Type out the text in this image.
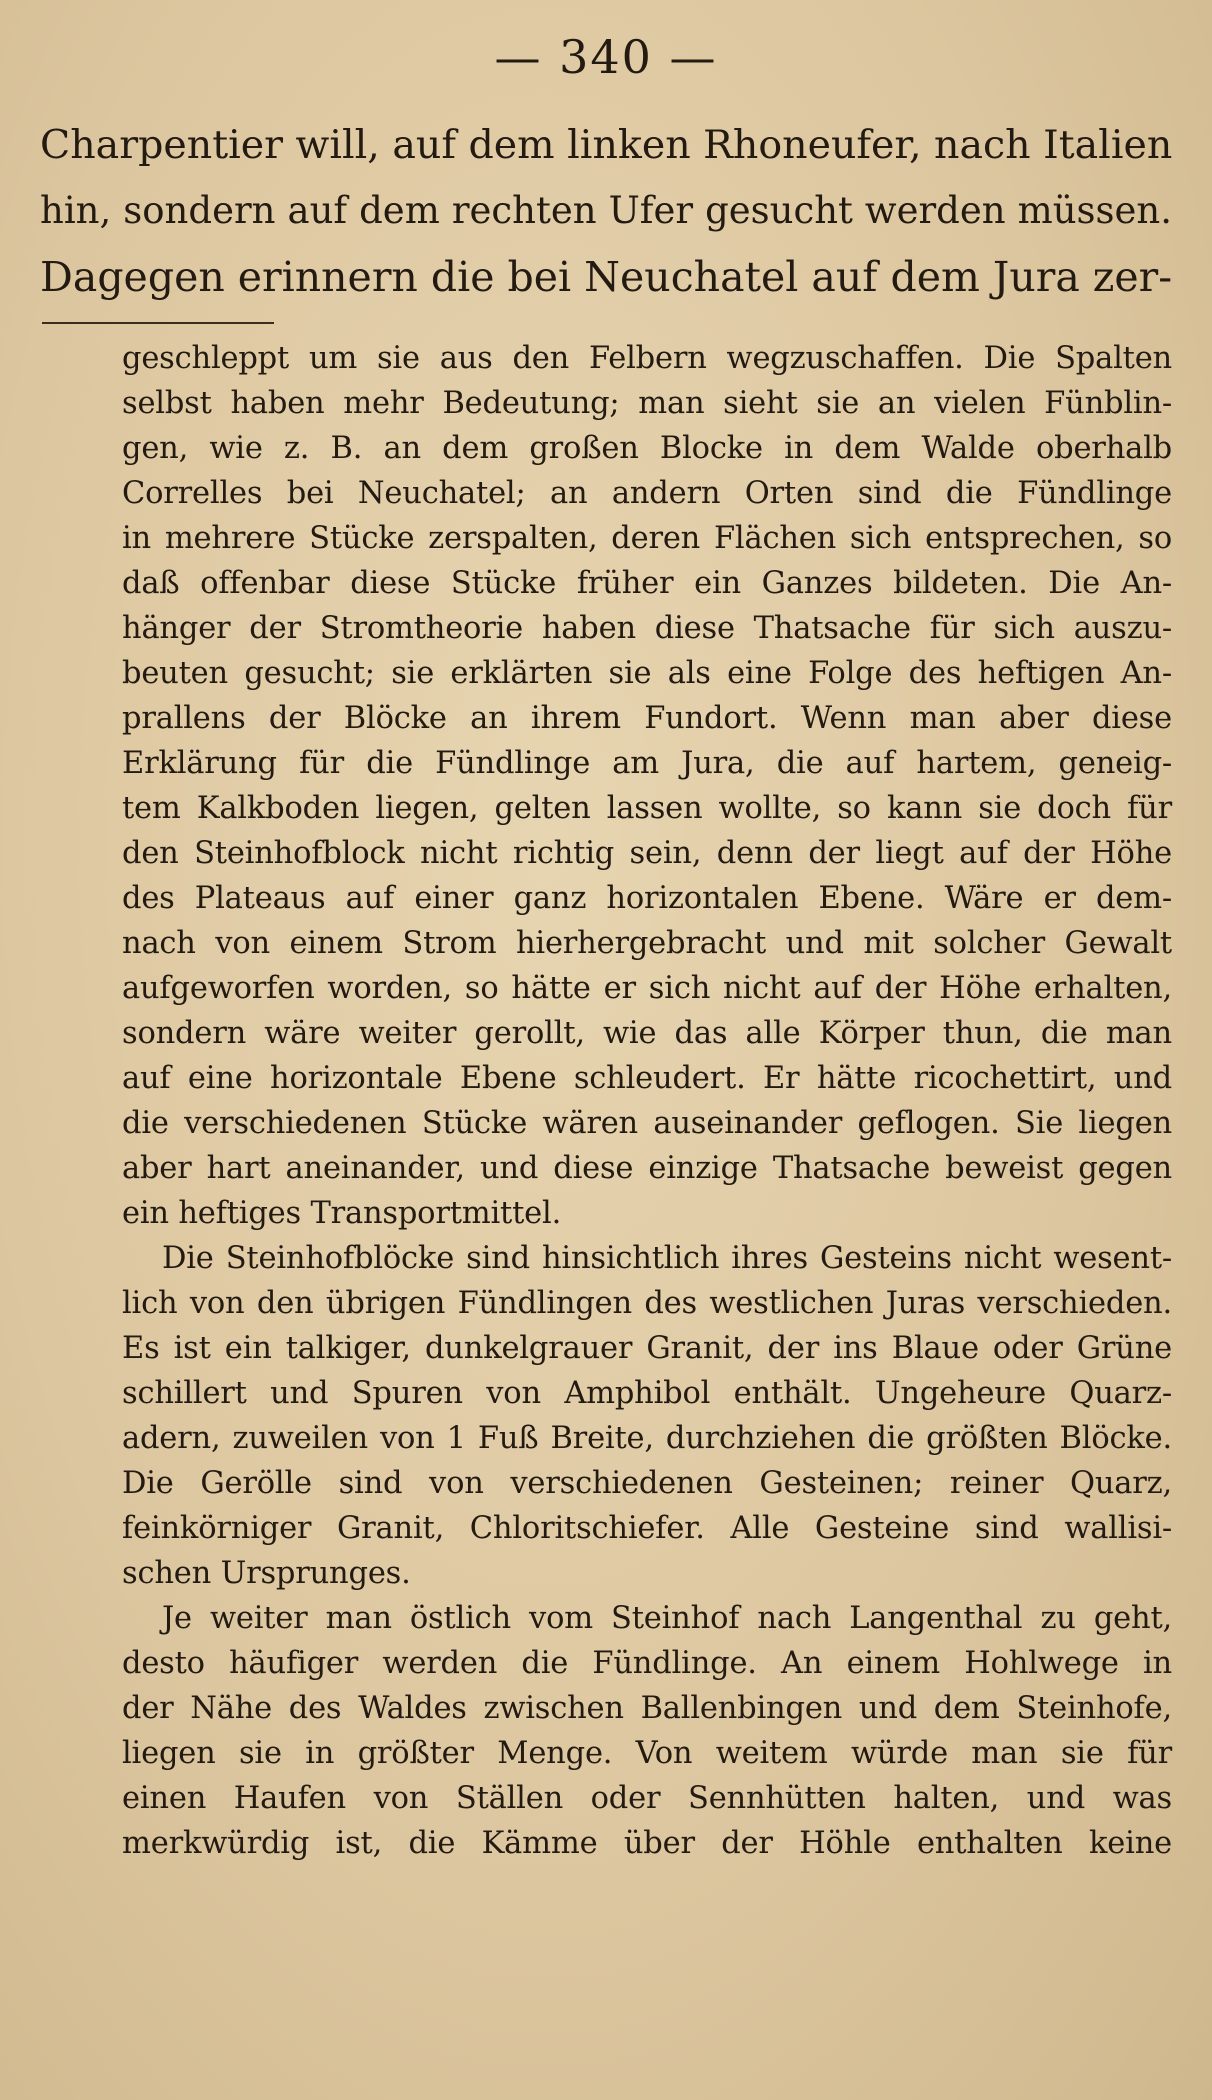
— 340 —
Charpentier will, auf dem linken Rhoneufer, nach Italien
hin, sondern auf dem rechten Ufer gesucht werden müssen.
Dagegen erinnern die bei Neuchatel auf dem Jura zer-
geschleppt um sie aus den Felbern wegzuschaffen. Die Spalten
selbst haben mehr Bedeutung; man sieht sie an vielen Fünblin-
gen, wie z. B. an dem großen Blocke in dem Walde oberhalb
Correlles bei Neuchatel; an andern Orten sind die Fündlinge
in mehrere Stücke zerspalten, deren Flächen sich entsprechen, so
daß offenbar diese Stücke früher ein Ganzes bildeten. Die An-
hänger der Stromtheorie haben diese Thatsache für sich auszu-
beuten gesucht; sie erklärten sie als eine Folge des heftigen An-
prallens der Blöcke an ihrem Fundort. Wenn man aber diese
Erklärung für die Fündlinge am Jura, die auf hartem, geneig-
tem Kalkboden liegen, gelten lassen wollte, so kann sie doch für
den Steinhofblock nicht richtig sein, denn der liegt auf der Höhe
des Plateaus auf einer ganz horizontalen Ebene. Wäre er dem-
nach von einem Strom hierhergebracht und mit solcher Gewalt
aufgeworfen worden, so hätte er sich nicht auf der Höhe erhalten,
sondern wäre weiter gerollt, wie das alle Körper thun, die man
auf eine horizontale Ebene schleudert. Er hätte ricochettirt, und
die verschiedenen Stücke wären auseinander geflogen. Sie liegen
aber hart aneinander, und diese einzige Thatsache beweist gegen
ein heftiges Transportmittel.
Die Steinhofblöcke sind hinsichtlich ihres Gesteins nicht wesent-
lich von den übrigen Fündlingen des westlichen Juras verschieden.
Es ist ein talkiger, dunkelgrauer Granit, der ins Blaue oder Grüne
schillert und Spuren von Amphibol enthält. Ungeheure Quarz-
adern, zuweilen von 1 Fuß Breite, durchziehen die größten Blöcke.
Die Gerölle sind von verschiedenen Gesteinen; reiner Quarz,
feinkörniger Granit, Chloritschiefer. Alle Gesteine sind wallisi-
schen Ursprunges.
Je weiter man östlich vom Steinhof nach Langenthal zu geht,
desto häufiger werden die Fündlinge. An einem Hohlwege in
der Nähe des Waldes zwischen Ballenbingen und dem Steinhofe,
liegen sie in größter Menge. Von weitem würde man sie für
einen Haufen von Ställen oder Sennhütten halten, und was
merkwürdig ist, die Kämme über der Höhle enthalten keine
